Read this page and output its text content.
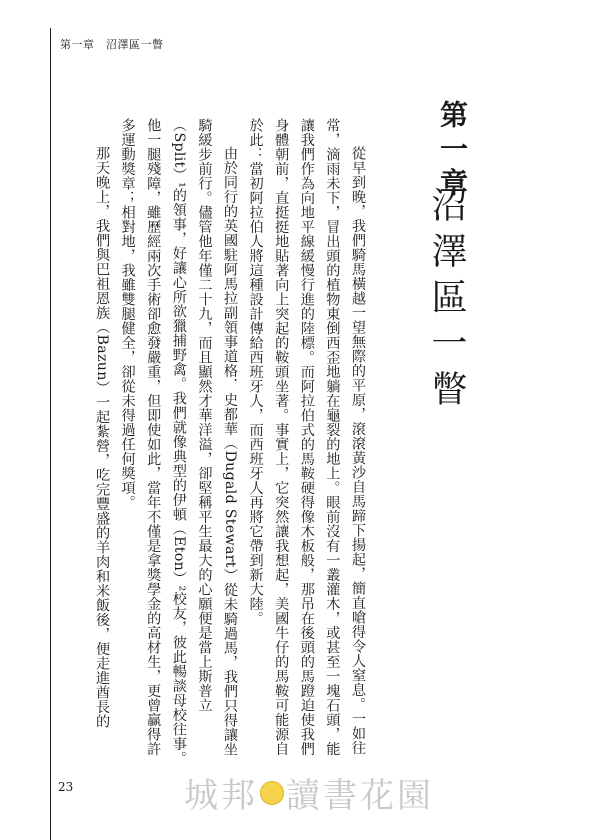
第一章　沼澤區一瞥
第一章
沼澤區一瞥

從早到晚，我們騎馬橫越一望無際的平原，滾滾黃沙自馬蹄下揚起，簡直嗆得令人窒息。一如往常，滴雨未下，冒出頭的植物東倒西歪地躺在龜裂的地上。眼前沒有一叢灌木，或甚至一塊石頭，能讓我們作為向地平線緩慢行進的陸標。而阿拉伯式的馬鞍硬得像木板般，那吊在後頭的馬蹬迫使我們身體朝前，直挺挺地貼著向上突起的鞍頭坐著。事實上，它突然讓我想起，美國牛仔的馬鞍可能源自於此：當初阿拉伯人將這種設計傳給西班牙人，而西班牙人再將它帶到新大陸。

由於同行的英國駐阿馬拉副領事道格．史都華（Dugald Stewart）從未騎過馬，我們只得讓坐騎緩步前行。儘管他年僅二十九，而且顯然才華洋溢，卻堅稱平生最大的心願便是當上斯普立（Split）¹的領事，好讓心所欲獵捕野禽。我們就像典型的伊頓（Eton）²校友，彼此暢談母校往事。他一腿殘障，雖歷經兩次手術卻愈發嚴重，但即使如此，當年不僅是拿獎學金的高材生，更曾贏得許多運動獎章；相對地，我雖雙腿健全，卻從未得過任何獎項。

那天晚上，我們與巴祖恩族（Bazun）一起紮營，吃完豐盛的羊肉和米飯後，便走進酋長的

23	城邦 讀書花園
